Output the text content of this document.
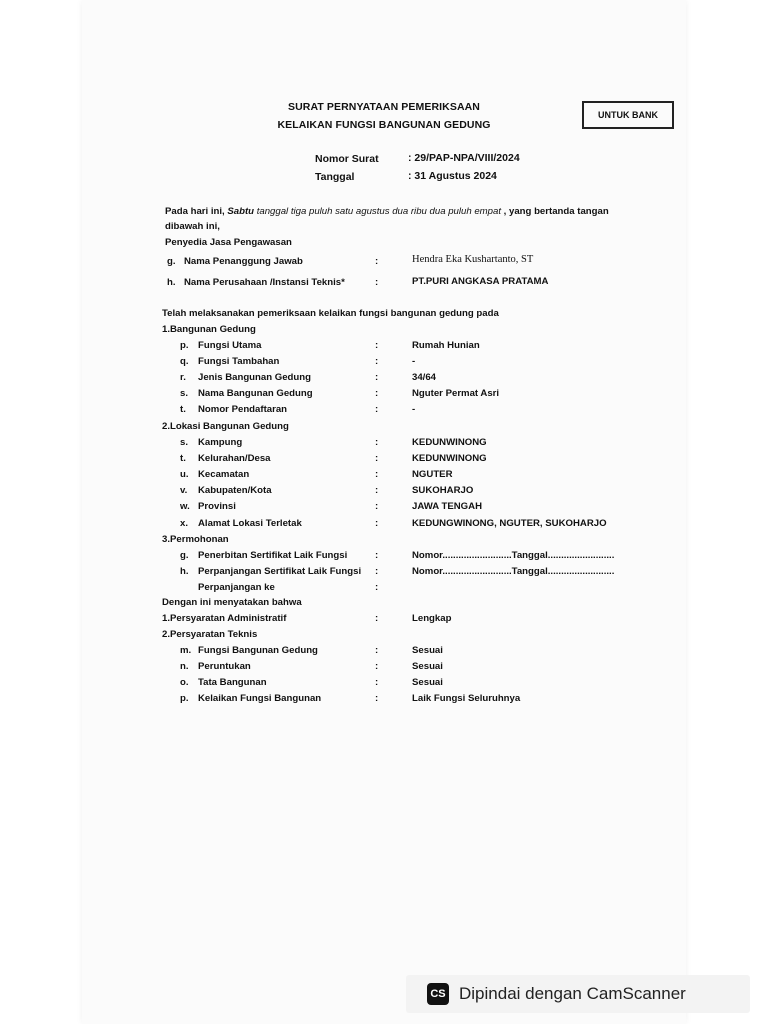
SURAT PERNYATAAN PEMERIKSAAN
KELAIKAN FUNGSI BANGUNAN GEDUNG
UNTUK BANK
Nomor Surat	: 29/PAP-NPA/VIII/2024
Tanggal	: 31 Agustus 2024
Pada hari ini, Sabtu tanggal tiga puluh satu agustus dua ribu dua puluh empat , yang bertanda tangan
dibawah ini,
Penyedia Jasa Pengawasan
g. Nama Penanggung Jawab	:	Hendra Eka Kushartanto, ST
h. Nama Perusahaan /Instansi Teknis*	:	PT.PURI ANGKASA PRATAMA
Telah melaksanakan pemeriksaan kelaikan fungsi bangunan gedung pada
1.Bangunan Gedung
p. Fungsi Utama	:	Rumah Hunian
q. Fungsi Tambahan	:	-
r. Jenis Bangunan Gedung	:	34/64
s. Nama Bangunan Gedung	:	Nguter Permat Asri
t. Nomor Pendaftaran	:	-
2.Lokasi Bangunan Gedung
s. Kampung	:	KEDUNWINONG
t. Kelurahan/Desa	:	KEDUNWINONG
u. Kecamatan	:	NGUTER
v. Kabupaten/Kota	:	SUKOHARJO
w. Provinsi	:	JAWA TENGAH
x. Alamat Lokasi Terletak	:	KEDUNGWINONG, NGUTER, SUKOHARJO
3.Permohonan
g. Penerbitan Sertifikat Laik Fungsi	:	Nomor..........................Tanggal.........................
h. Perpanjangan Sertifikat Laik Fungsi :	Nomor..........................Tanggal.........................
Perpanjangan ke	:
Dengan ini menyatakan bahwa
1.Persyaratan Administratif	:	Lengkap
2.Persyaratan Teknis
m. Fungsi Bangunan Gedung	:	Sesuai
n. Peruntukan	:	Sesuai
o. Tata Bangunan	:	Sesuai
p. Kelaikan Fungsi Bangunan	:	Laik Fungsi Seluruhnya
CS Dipindai dengan CamScanner
